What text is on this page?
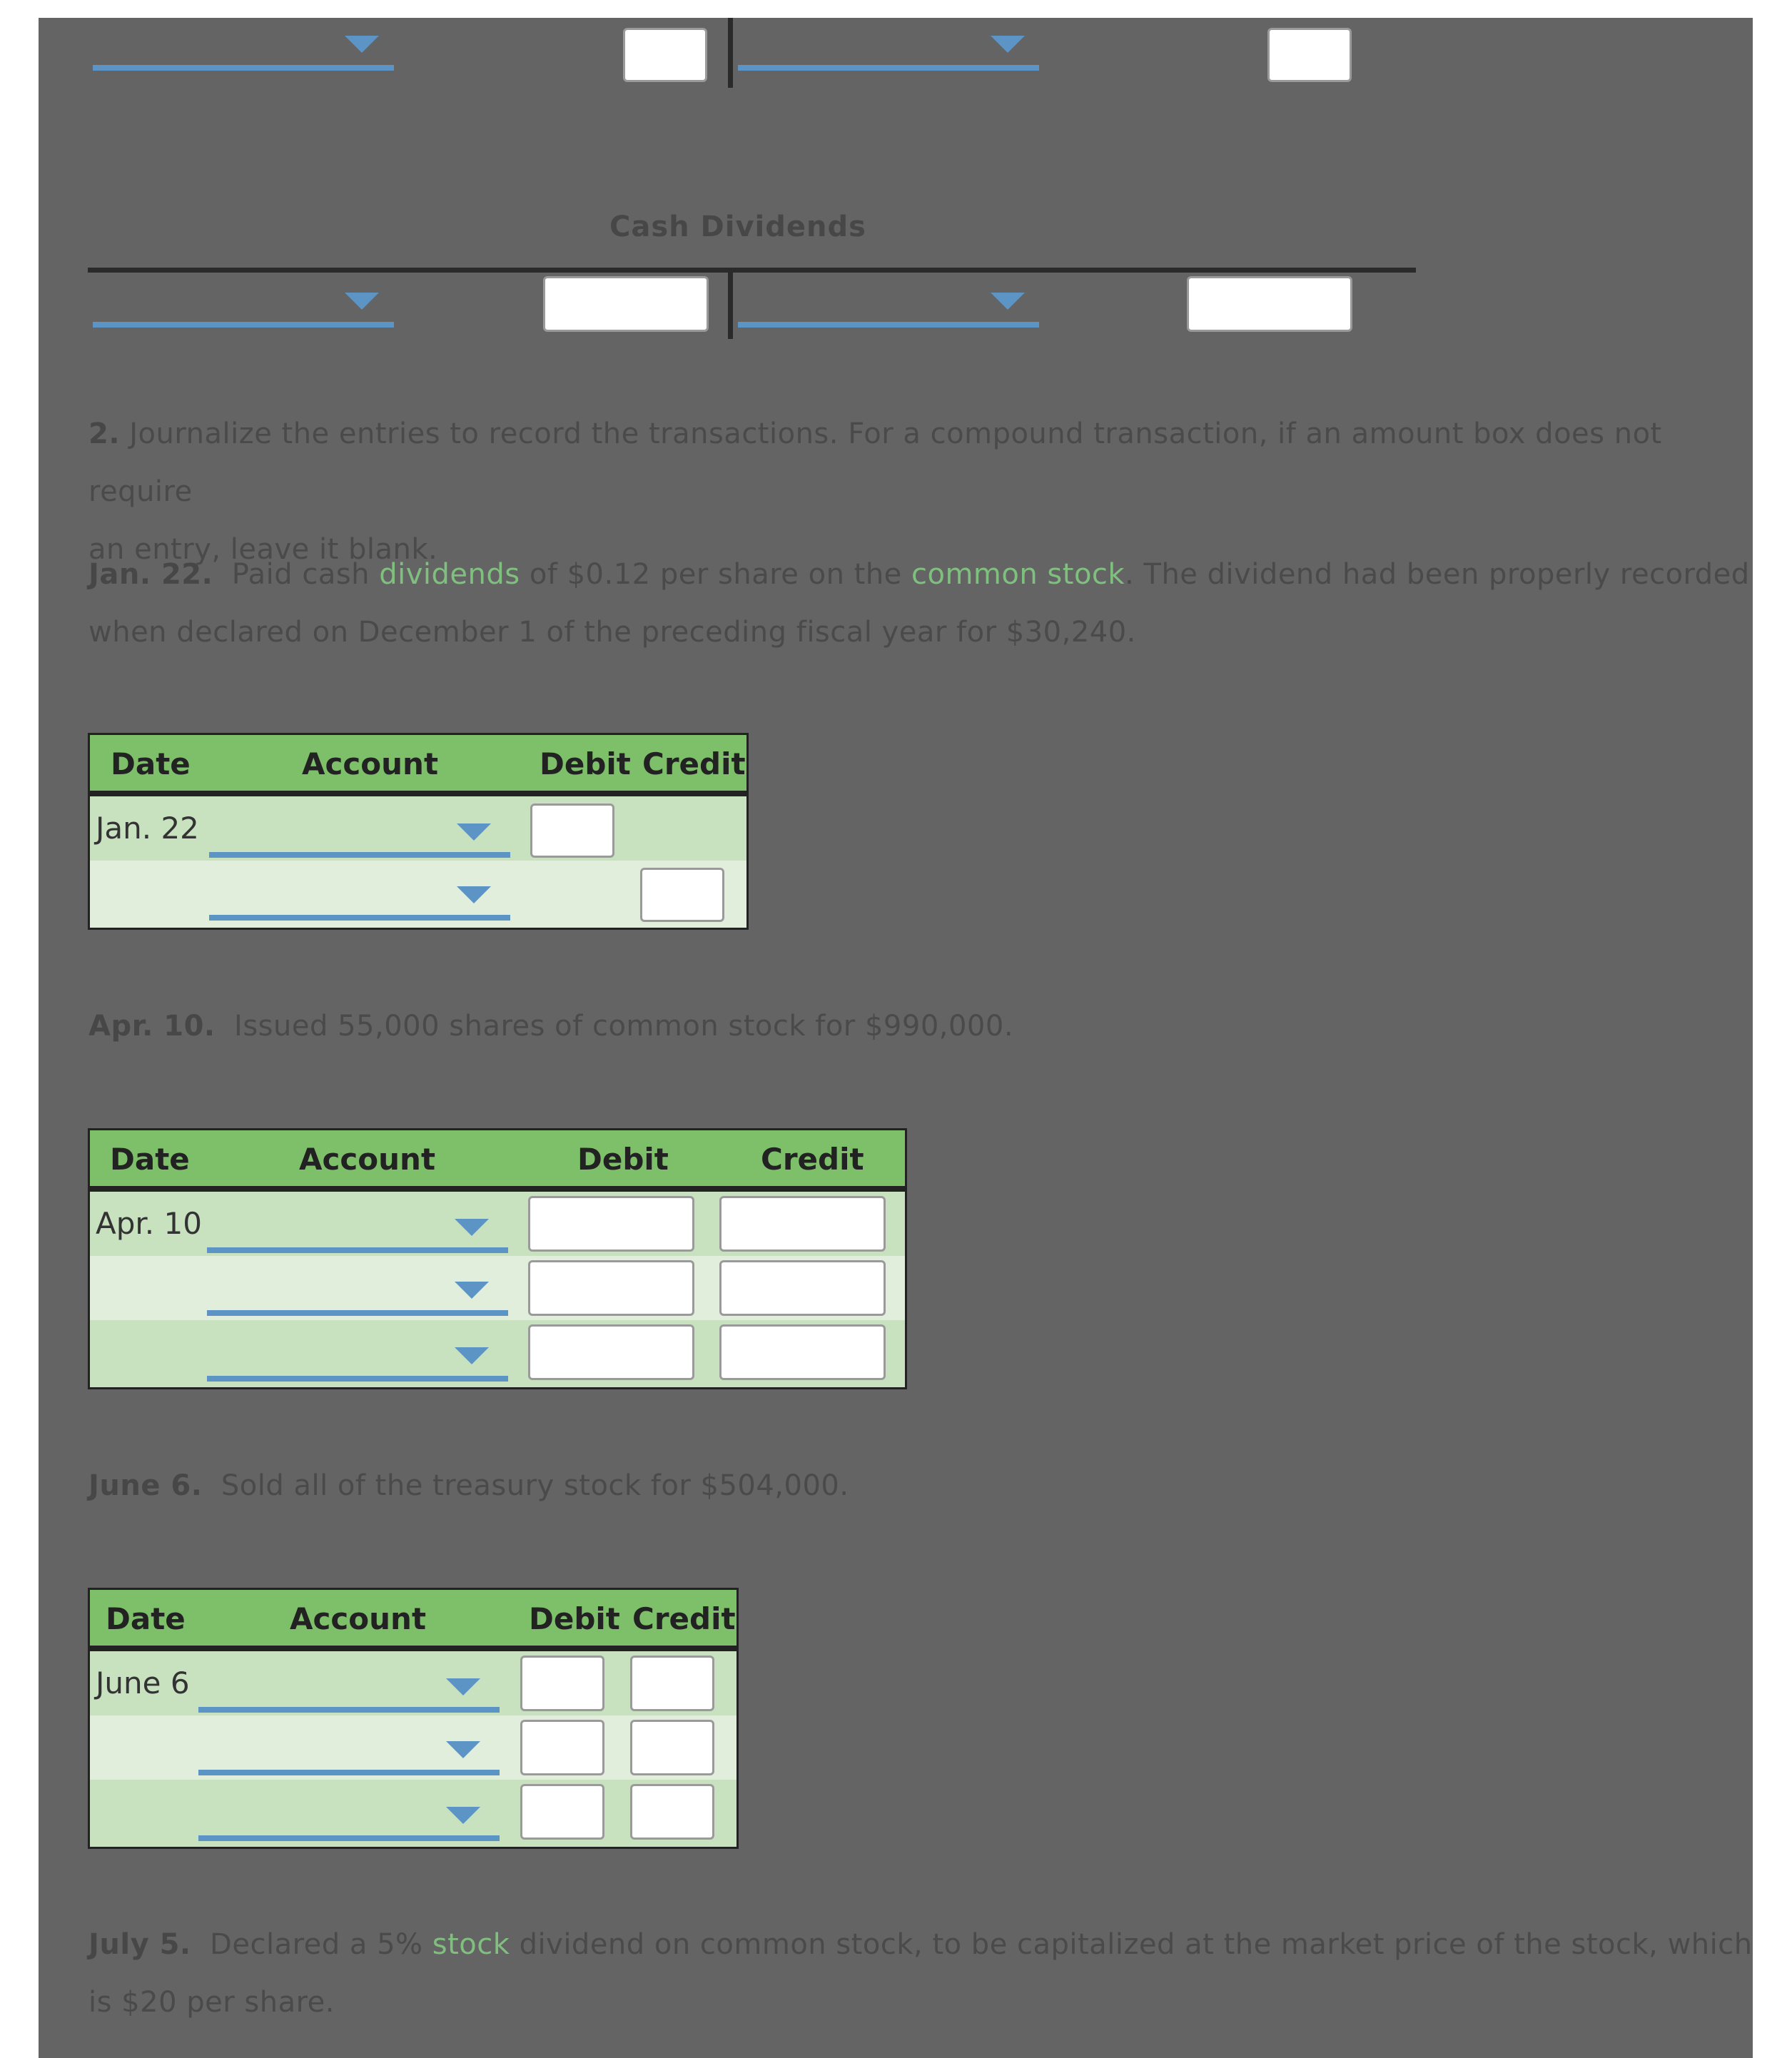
Cash Dividends
2. Journalize the entries to record the transactions. For a compound transaction, if an amount box does not require
an entry, leave it blank.
Jan. 22. Paid cash dividends of $0.12 per share on the common stock. The dividend had been properly recorded
when declared on December 1 of the preceding fiscal year for $30,240.
Date	Account	Debit Credit
Jan. 22
Apr. 10. Issued 55,000 shares of common stock for $990,000.
Date	Account	Debit	Credit
Apr. 10
June 6. Sold all of the treasury stock for $504,000.
Date	Account	Debit Credit
June 6
July 5. Declared a 5% stock dividend on common stock, to be capitalized at the market price of the stock, which
is $20 per share.
